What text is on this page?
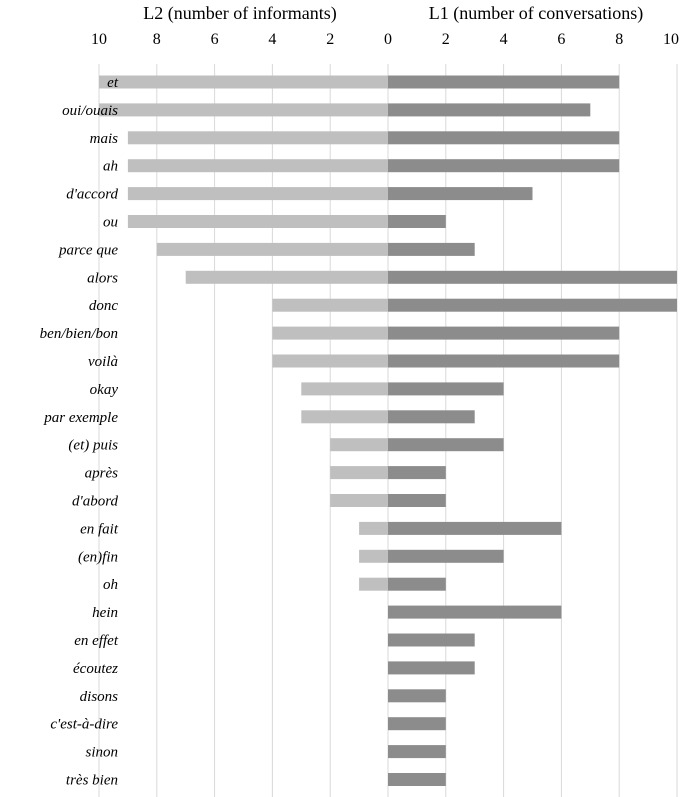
10	8	6	4	2	0	2	4	6	8 10
et
oui/ouais
mais
ah
d'accord
ou
parce que
alors
donc
ben/bien/bon
voilà
okay
par exemple
(et) puis
après
d'abord
en fait
(en)fin
oh
hein
en effet
écoutez
disons
c'est-à-dire
sinon
très bien
L2 (number of informants)	L1 (number of conversations)
